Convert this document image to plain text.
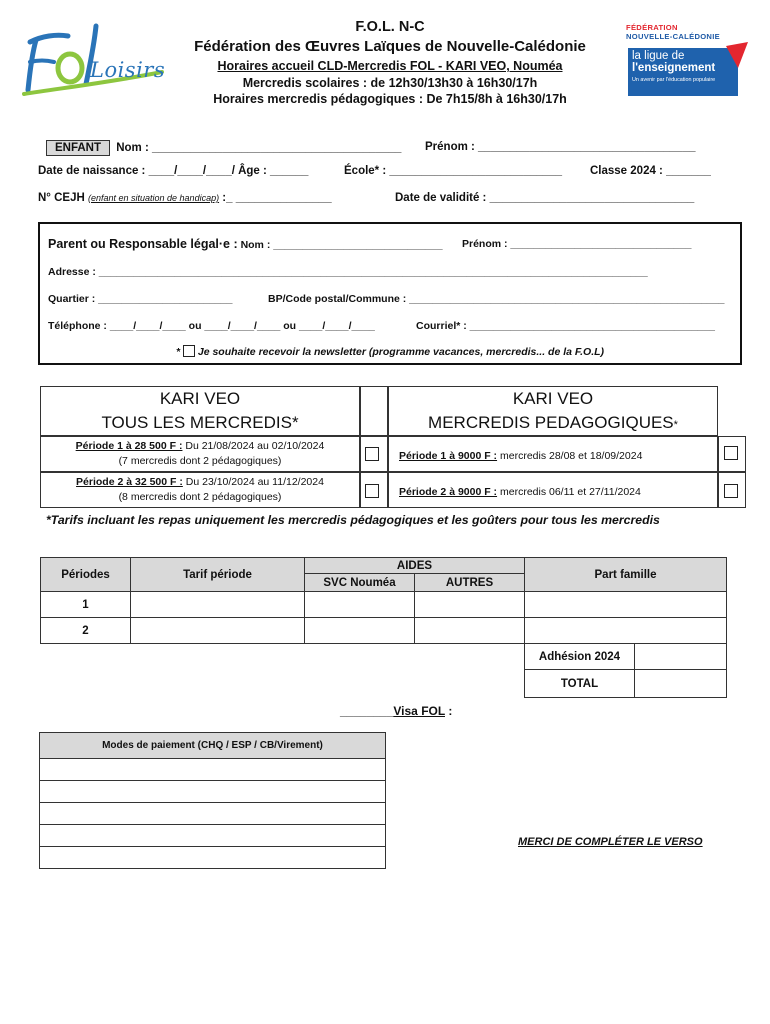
Loisirs
F.O.L. N-C
Fédération des Œuvres Laïques de Nouvelle-Calédonie
Horaires accueil CLD-Mercredis FOL - KARI VEO, Nouméa
Mercredis scolaires : de 12h30/13h30 à 16h30/17h
Horaires mercredis pédagogiques : De 7h15/8h à 16h30/17h
FÉDÉRATION
NOUVELLE-CALÉDONIE
la ligue de
l'enseignement
Un avenir par l'éducation populaire
ENFANT Nom : _______________________________________ Prénom : __________________________________
Date de naissance : ____/____/____/ Âge : ______	École* : ___________________________ Classe 2024 : _______
N° CEJH (enfant en situation de handicap) :_ _______________	Date de validité : ________________________________
Parent ou Responsable légal·e : Nom : _____________________________ Prénom : _______________________________
Adresse : ______________________________________________________________________________________________
Quartier : _______________________	BP/Code postal/Commune : ______________________________________________________
Téléphone : ____/____/____ ou ____/____/____ ou ____/____/____	Courriel* : __________________________________________
* Je souhaite recevoir la newsletter (programme vacances, mercredis... de la F.O.L)
KARI VEO
TOUS LES MERCREDIS*
KARI VEO
MERCREDIS PEDAGOGIQUES*
Période 1 à 28 500 F : Du 21/08/2024 au 02/10/2024
(7 mercredis dont 2 pédagogiques)
Période 2 à 32 500 F : Du 23/10/2024 au 11/12/2024
(8 mercredis dont 2 pédagogiques)
Période 1 à 9000 F : mercredis 28/08 et 18/09/2024
Période 2 à 9000 F : mercredis 06/11 et 27/11/2024
*Tarifs incluant les repas uniquement les mercredis pédagogiques et les goûters pour tous les mercredis
Périodes	Tarif période	AIDES		Part famille	
		SVC Nouméa	AUTRES		
1					
2					
				Adhésion 2024	
				TOTAL	
________Visa FOL :
Modes de paiement (CHQ / ESP / CB/Virement)

MERCI DE COMPLÉTER LE VERSO
